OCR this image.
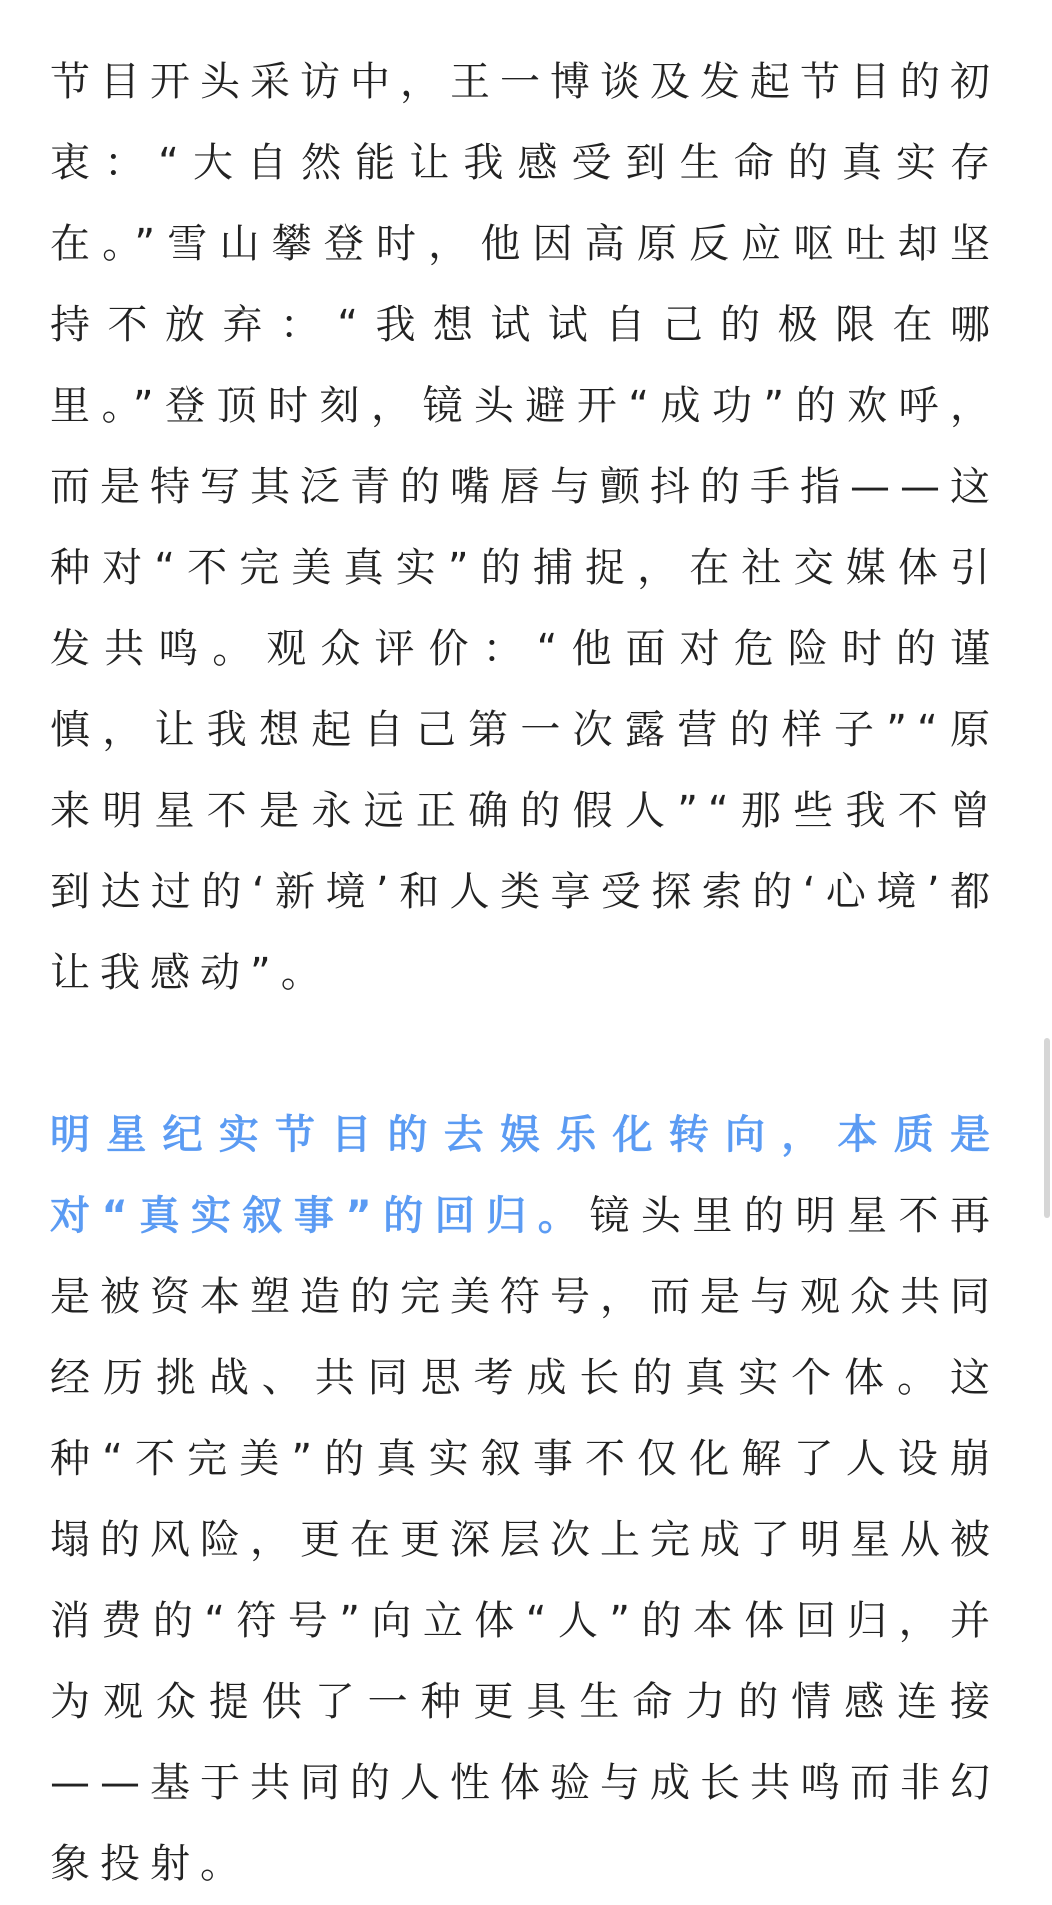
节目开头采访中，王一博谈及发起节目的初衷：“大自然能让我感受到生命的真实存在。”雪山攀登时，他因高原反应呕吐却坚持不放弃：“我想试试自己的极限在哪里。”登顶时刻，镜头避开“成功”的欢呼，而是特写其泛青的嘴唇与颤抖的手指——这种对“不完美真实”的捕捉，在社交媒体引发共鸣。观众评价：“他面对危险时的谨慎，让我想起自己第一次露营的样子”“原来明星不是永远正确的假人”“那些我不曾到达过的‘新境’和人类享受探索的‘心境’都让我感动”。

明星纪实节目的去娱乐化转向，本质是对“真实叙事”的回归。镜头里的明星不再是被资本塑造的完美符号，而是与观众共同经历挑战、共同思考成长的真实个体。这种“不完美”的真实叙事不仅化解了人设崩塌的风险，更在更深层次上完成了明星从被消费的“符号”向立体“人”的本体回归，并为观众提供了一种更具生命力的情感连接——基于共同的人性体验与成长共鸣而非幻象投射。
